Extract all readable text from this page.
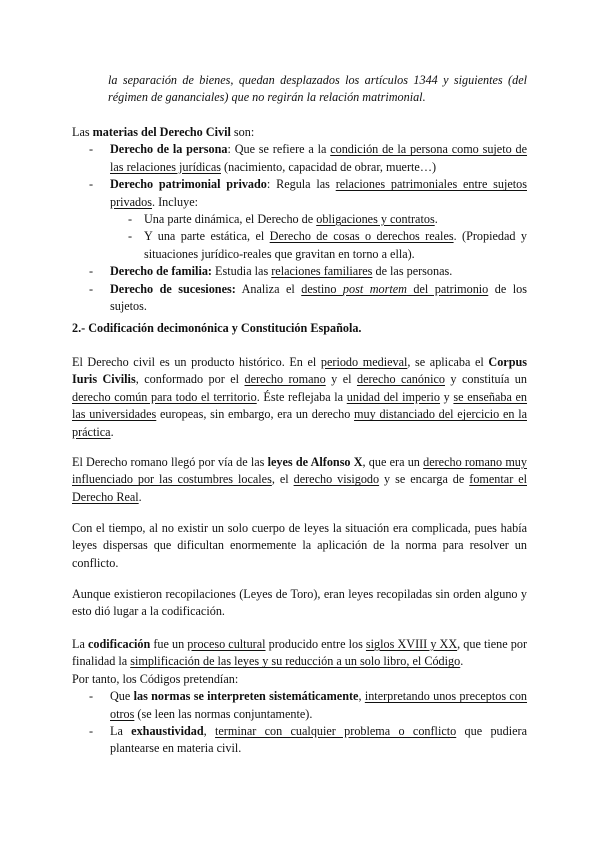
la separación de bienes, quedan desplazados los artículos 1344 y siguientes (del régimen de gananciales) que no regirán la relación matrimonial.

Las materias del Derecho Civil son:
- Derecho de la persona: Que se refiere a la condición de la persona como sujeto de las relaciones jurídicas (nacimiento, capacidad de obrar, muerte…)
- Derecho patrimonial privado: Regula las relaciones patrimoniales entre sujetos privados. Incluye:
- Una parte dinámica, el Derecho de obligaciones y contratos.
- Y una parte estática, el Derecho de cosas o derechos reales. (Propiedad y situaciones jurídico-reales que gravitan en torno a ella).
- Derecho de familia: Estudia las relaciones familiares de las personas.
- Derecho de sucesiones: Analiza el destino post mortem del patrimonio de los sujetos.

2.- Codificación decimonónica y Constitución Española.

El Derecho civil es un producto histórico. En el periodo medieval, se aplicaba el Corpus Iuris Civilis, conformado por el derecho romano y el derecho canónico y constituía un derecho común para todo el territorio. Éste reflejaba la unidad del imperio y se enseñaba en las universidades europeas, sin embargo, era un derecho muy distanciado del ejercicio en la práctica.

El Derecho romano llegó por vía de las leyes de Alfonso X, que era un derecho romano muy influenciado por las costumbres locales, el derecho visigodo y se encarga de fomentar el Derecho Real.

Con el tiempo, al no existir un solo cuerpo de leyes la situación era complicada, pues había leyes dispersas que dificultan enormemente la aplicación de la norma para resolver un conflicto.

Aunque existieron recopilaciones (Leyes de Toro), eran leyes recopiladas sin orden alguno y esto dió lugar a la codificación.

La codificación fue un proceso cultural producido entre los siglos XVIII y XX, que tiene por finalidad la simplificación de las leyes y su reducción a un solo libro, el Código.
Por tanto, los Códigos pretendían:
- Que las normas se interpreten sistemáticamente, interpretando unos preceptos con otros (se leen las normas conjuntamente).
- La exhaustividad, terminar con cualquier problema o conflicto que pudiera plantearse en materia civil.
